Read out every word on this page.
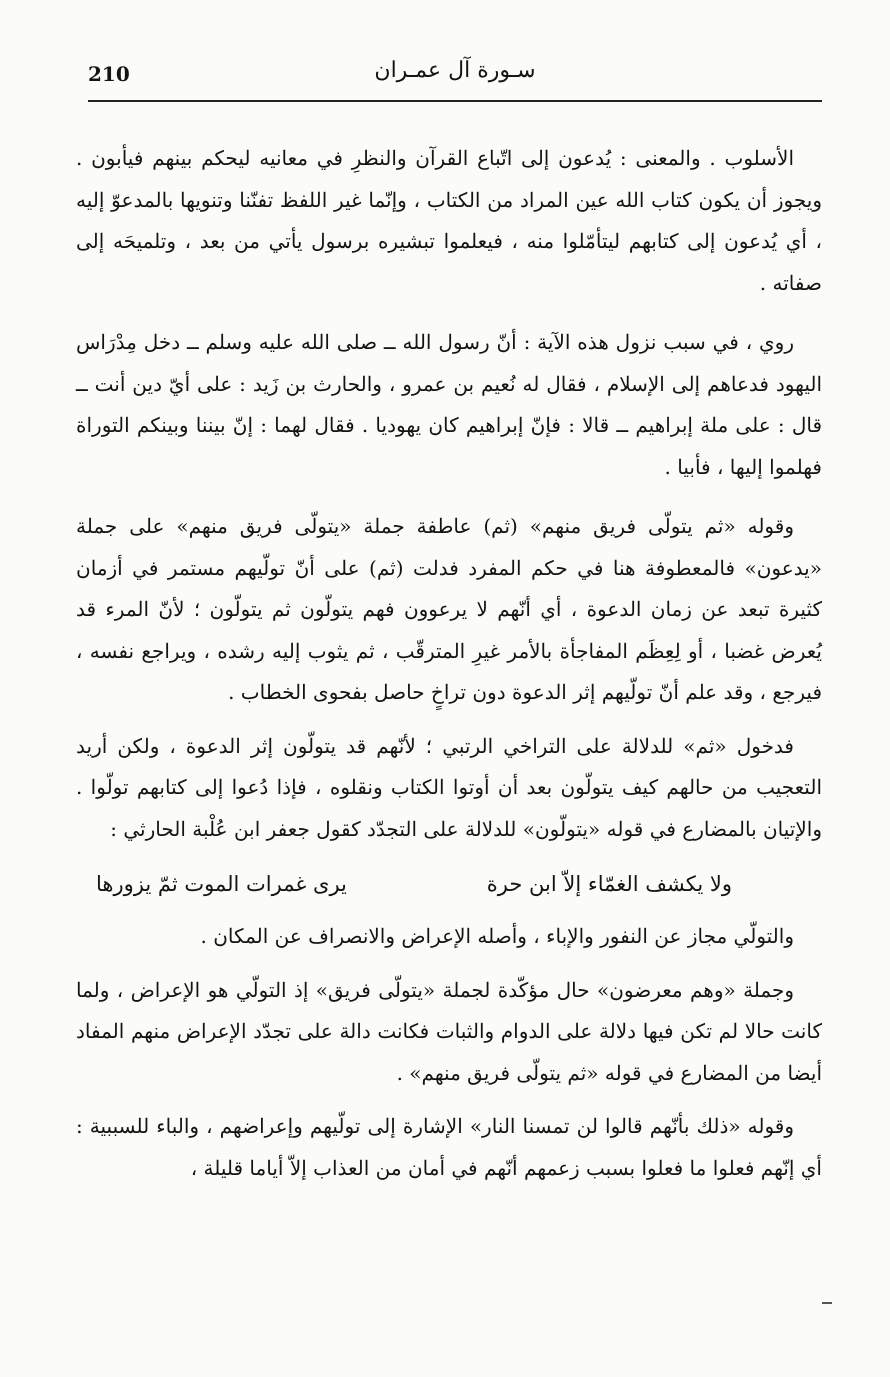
210	سـورة آل عمـران

الأسلوب . والمعنى : يُدعون إلى اتّباع القرآن والنظرِ في معانيه ليحكم بينهم فيأبون . ويجوز أن يكون كتاب الله عين المراد من الكتاب ، وإنّما غير اللفظ تفنّنا وتنويها بالمدعوّ إليه ، أي يُدعون إلى كتابهم ليتأمّلوا منه ، فيعلموا تبشيره برسول يأتي من بعد ، وتلميحَه إلى صفاته .

روي ، في سبب نزول هذه الآية : أنّ رسول الله ــ صلى الله عليه وسلم ــ دخل مِدْرَاس اليهود فدعاهم إلى الإسلام ، فقال له نُعيم بن عمرو ، والحارث بن زَيد : على أيّ دين أنت ــ قال : على ملة إبراهيم ــ قالا : فإنّ إبراهيم كان يهوديا . فقال لهما : إنّ بيننا وبينكم التوراة فهلموا إليها ، فأبيا .

وقوله «ثم يتولّى فريق منهم» (ثم) عاطفة جملة «يتولّى فريق منهم» على جملة «يدعون» فالمعطوفة هنا في حكم المفرد فدلت (ثم) على أنّ تولّيهم مستمر في أزمان كثيرة تبعد عن زمان الدعوة ، أي أنّهم لا يرعوون فهم يتولّون ثم يتولّون ؛ لأنّ المرء قد يُعرض غضبا ، أو لِعِظَم المفاجأة بالأمر غيرِ المترقّب ، ثم يثوب إليه رشده ، ويراجع نفسه ، فيرجع ، وقد علم أنّ تولّيهم إثر الدعوة دون تراخٍ حاصل بفحوى الخطاب .

فدخول «ثم» للدلالة على التراخي الرتبي ؛ لأنّهم قد يتولّون إثر الدعوة ، ولكن أريد التعجيب من حالهم كيف يتولّون بعد أن أوتوا الكتاب ونقلوه ، فإذا دُعوا إلى كتابهم تولّوا . والإتيان بالمضارع في قوله «يتولّون» للدلالة على التجدّد كقول جعفر ابن عُلْبة الحارثي :

ولا يكشف الغمّاء إلاّ ابن حرة
يرى غمرات الموت ثمّ يزورها

والتولّي مجاز عن النفور والإباء ، وأصله الإعراض والانصراف عن المكان .

وجملة «وهم معرضون» حال مؤكّدة لجملة «يتولّى فريق» إذ التولّي هو الإعراض ، ولما كانت حالا لم تكن فيها دلالة على الدوام والثبات فكانت دالة على تجدّد الإعراض منهم المفاد أيضا من المضارع في قوله «ثم يتولّى فريق منهم» .

وقوله «ذلك بأنّهم قالوا لن تمسنا النار» الإشارة إلى تولّيهم وإعراضهم ، والباء للسببية : أي إنّهم فعلوا ما فعلوا بسبب زعمهم أنّهم في أمان من العذاب إلاّ أياما قليلة ،
